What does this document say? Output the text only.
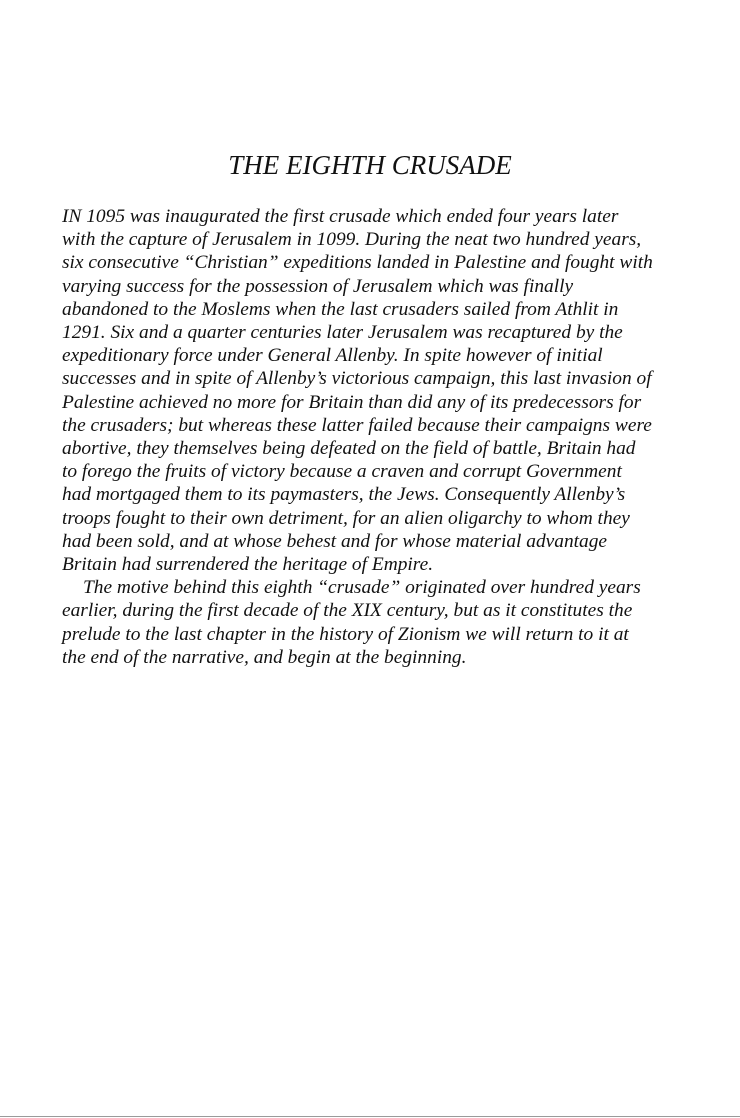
THE EIGHTH CRUSADE

IN 1095 was inaugurated the first crusade which ended four years later
with the capture of Jerusalem in 1099. During the neat two hundred years,
six consecutive “Christian” expeditions landed in Palestine and fought with
varying success for the possession of Jerusalem which was finally
abandoned to the Moslems when the last crusaders sailed from Athlit in
1291. Six and a quarter centuries later Jerusalem was recaptured by the
expeditionary force under General Allenby. In spite however of initial
successes and in spite of Allenby’s victorious campaign, this last invasion of
Palestine achieved no more for Britain than did any of its predecessors for
the crusaders; but whereas these latter failed because their campaigns were
abortive, they themselves being defeated on the field of battle, Britain had
to forego the fruits of victory because a craven and corrupt Government
had mortgaged them to its paymasters, the Jews. Consequently Allenby’s
troops fought to their own detriment, for an alien oligarchy to whom they
had been sold, and at whose behest and for whose material advantage
Britain had surrendered the heritage of Empire.

The motive behind this eighth “crusade” originated over hundred years
earlier, during the first decade of the XIX century, but as it constitutes the
prelude to the last chapter in the history of Zionism we will return to it at
the end of the narrative, and begin at the beginning.
